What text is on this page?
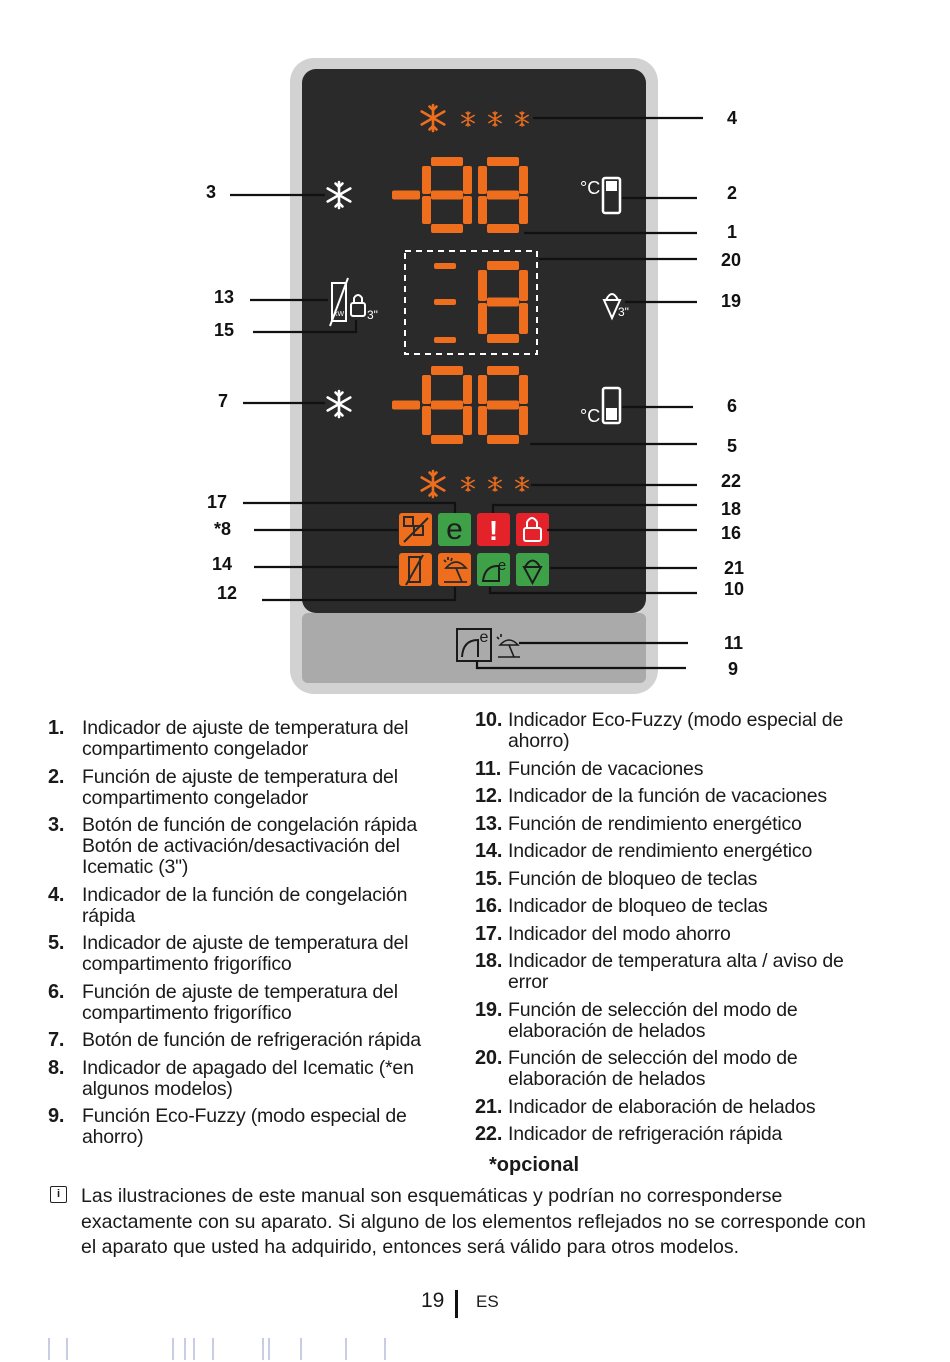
°C
kW 3"	3"
°C
e !
e
e
4
2
1
20
19
6
5
22
18
16
21
10
11
9
3
13
15
7
17
*8
14
12
1. Indicador de ajuste de temperatura del compartimento congelador
2. Función de ajuste de temperatura del compartimento congelador
3. Botón de función de congelación rápida Botón de activación/desactivación del Icematic (3")
4. Indicador de la función de congelación rápida
5. Indicador de ajuste de temperatura del compartimento frigorífico
6. Función de ajuste de temperatura del compartimento frigorífico
7. Botón de función de refrigeración rápida
8. Indicador de apagado del Icematic (*en algunos modelos)
9. Función Eco-Fuzzy (modo especial de ahorro)
10. Indicador Eco-Fuzzy (modo especial de ahorro)
11. Función de vacaciones
12. Indicador de la función de vacaciones
13. Función de rendimiento energético
14. Indicador de rendimiento energético
15. Función de bloqueo de teclas
16. Indicador de bloqueo de teclas
17. Indicador del modo ahorro
18. Indicador de temperatura alta / aviso de error
19. Función de selección del modo de elaboración de helados
20. Función de selección del modo de elaboración de helados
21. Indicador de elaboración de helados
22. Indicador de refrigeración rápida
*opcional
i	Las ilustraciones de este manual son esquemáticas y podrían no corresponderse exactamente con su aparato. Si alguno de los elementos reflejados no se corresponde con el aparato que usted ha adquirido, entonces será válido para otros modelos.
19 ES
